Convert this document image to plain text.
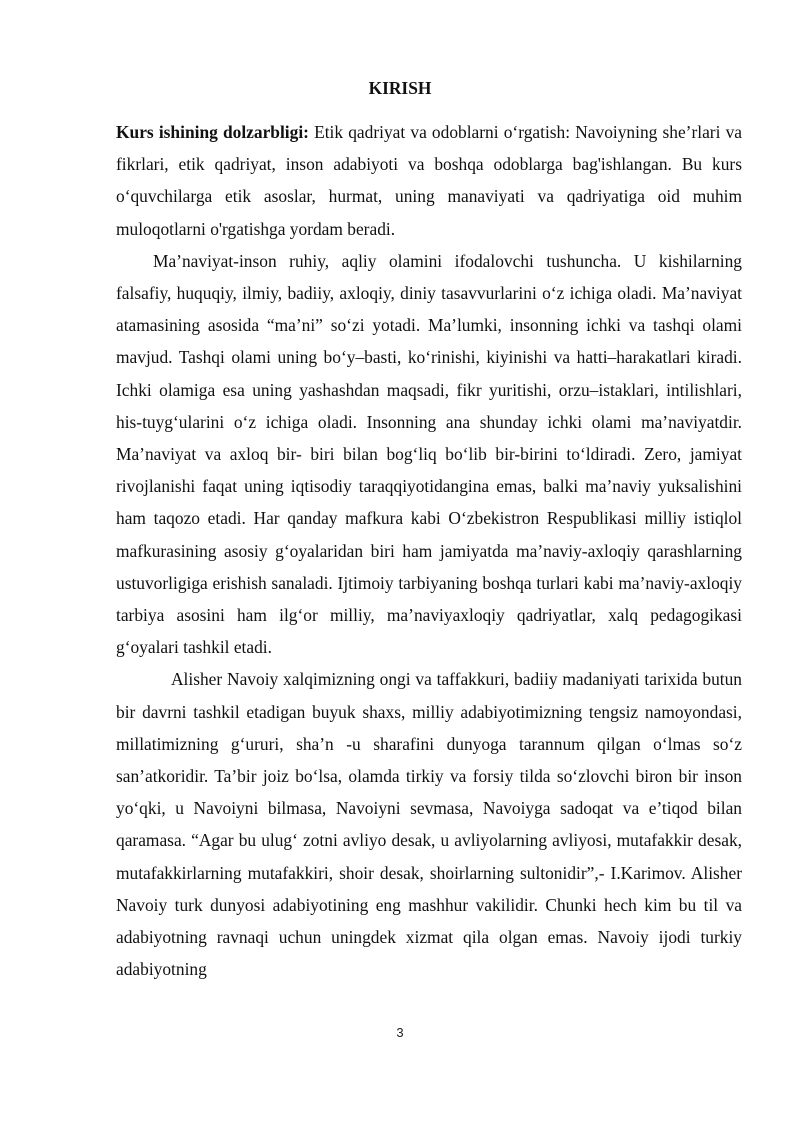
KIRISH

Kurs ishining dolzarbligi: Etik qadriyat va odoblarni o‘rgatish: Navoiyning she’rlari va fikrlari, etik qadriyat, inson adabiyoti va boshqa odoblarga bag'ishlangan. Bu kurs o‘quvchilarga etik asoslar, hurmat, uning manaviyati va qadriyatiga oid muhim muloqotlarni o'rgatishga yordam beradi.

Ma’naviyat-inson ruhiy, aqliy olamini ifodalovchi tushuncha. U kishilarning falsafiy, huquqiy, ilmiy, badiiy, axloqiy, diniy tasavvurlarini o‘z ichiga oladi. Ma’naviyat atamasining asosida “ma’ni” so‘zi yotadi. Ma’lumki, insonning ichki va tashqi olami mavjud. Tashqi olami uning bo‘y–basti, ko‘rinishi, kiyinishi va hatti–harakatlari kiradi. Ichki olamiga esa uning yashashdan maqsadi, fikr yuritishi, orzu–istaklari, intilishlari, his-tuyg‘ularini o‘z ichiga oladi. Insonning ana shunday ichki olami ma’naviyatdir. Ma’naviyat va axloq bir- biri bilan bog‘liq bo‘lib bir-birini to‘ldiradi. Zero, jamiyat rivojlanishi faqat uning iqtisodiy taraqqiyotidangina emas, balki ma’naviy yuksalishini ham taqozo etadi. Har qanday mafkura kabi O‘zbekistron Respublikasi milliy istiqlol mafkurasining asosiy g‘oyalaridan biri ham jamiyatda ma’naviy-axloqiy qarashlarning ustuvorligiga erishish sanaladi. Ijtimoiy tarbiyaning boshqa turlari kabi ma’naviy-axloqiy tarbiya asosini ham ilg‘or milliy, ma’naviyaxloqiy qadriyatlar, xalq pedagogikasi g‘oyalari tashkil etadi.

Alisher Navoiy xalqimizning ongi va taffakkuri, badiiy madaniyati tarixida butun bir davrni tashkil etadigan buyuk shaxs, milliy adabiyotimizning tengsiz namoyondasi, millatimizning g‘ururi, sha’n -u sharafini dunyoga tarannum qilgan o‘lmas so‘z san’atkoridir. Ta’bir joiz bo‘lsa, olamda tirkiy va forsiy tilda so‘zlovchi biron bir inson yo‘qki, u Navoiyni bilmasa, Navoiyni sevmasa, Navoiyga sadoqat va e’tiqod bilan qaramasa. “Agar bu ulug‘ zotni avliyo desak, u avliyolarning avliyosi, mutafakkir desak, mutafakkirlarning mutafakkiri, shoir desak, shoirlarning sultonidir”,- I.Karimov. Alisher Navoiy turk dunyosi adabiyotining eng mashhur vakilidir. Chunki hech kim bu til va adabiyotning ravnaqi uchun uningdek xizmat qila olgan emas. Navoiy ijodi turkiy adabiyotning

3
